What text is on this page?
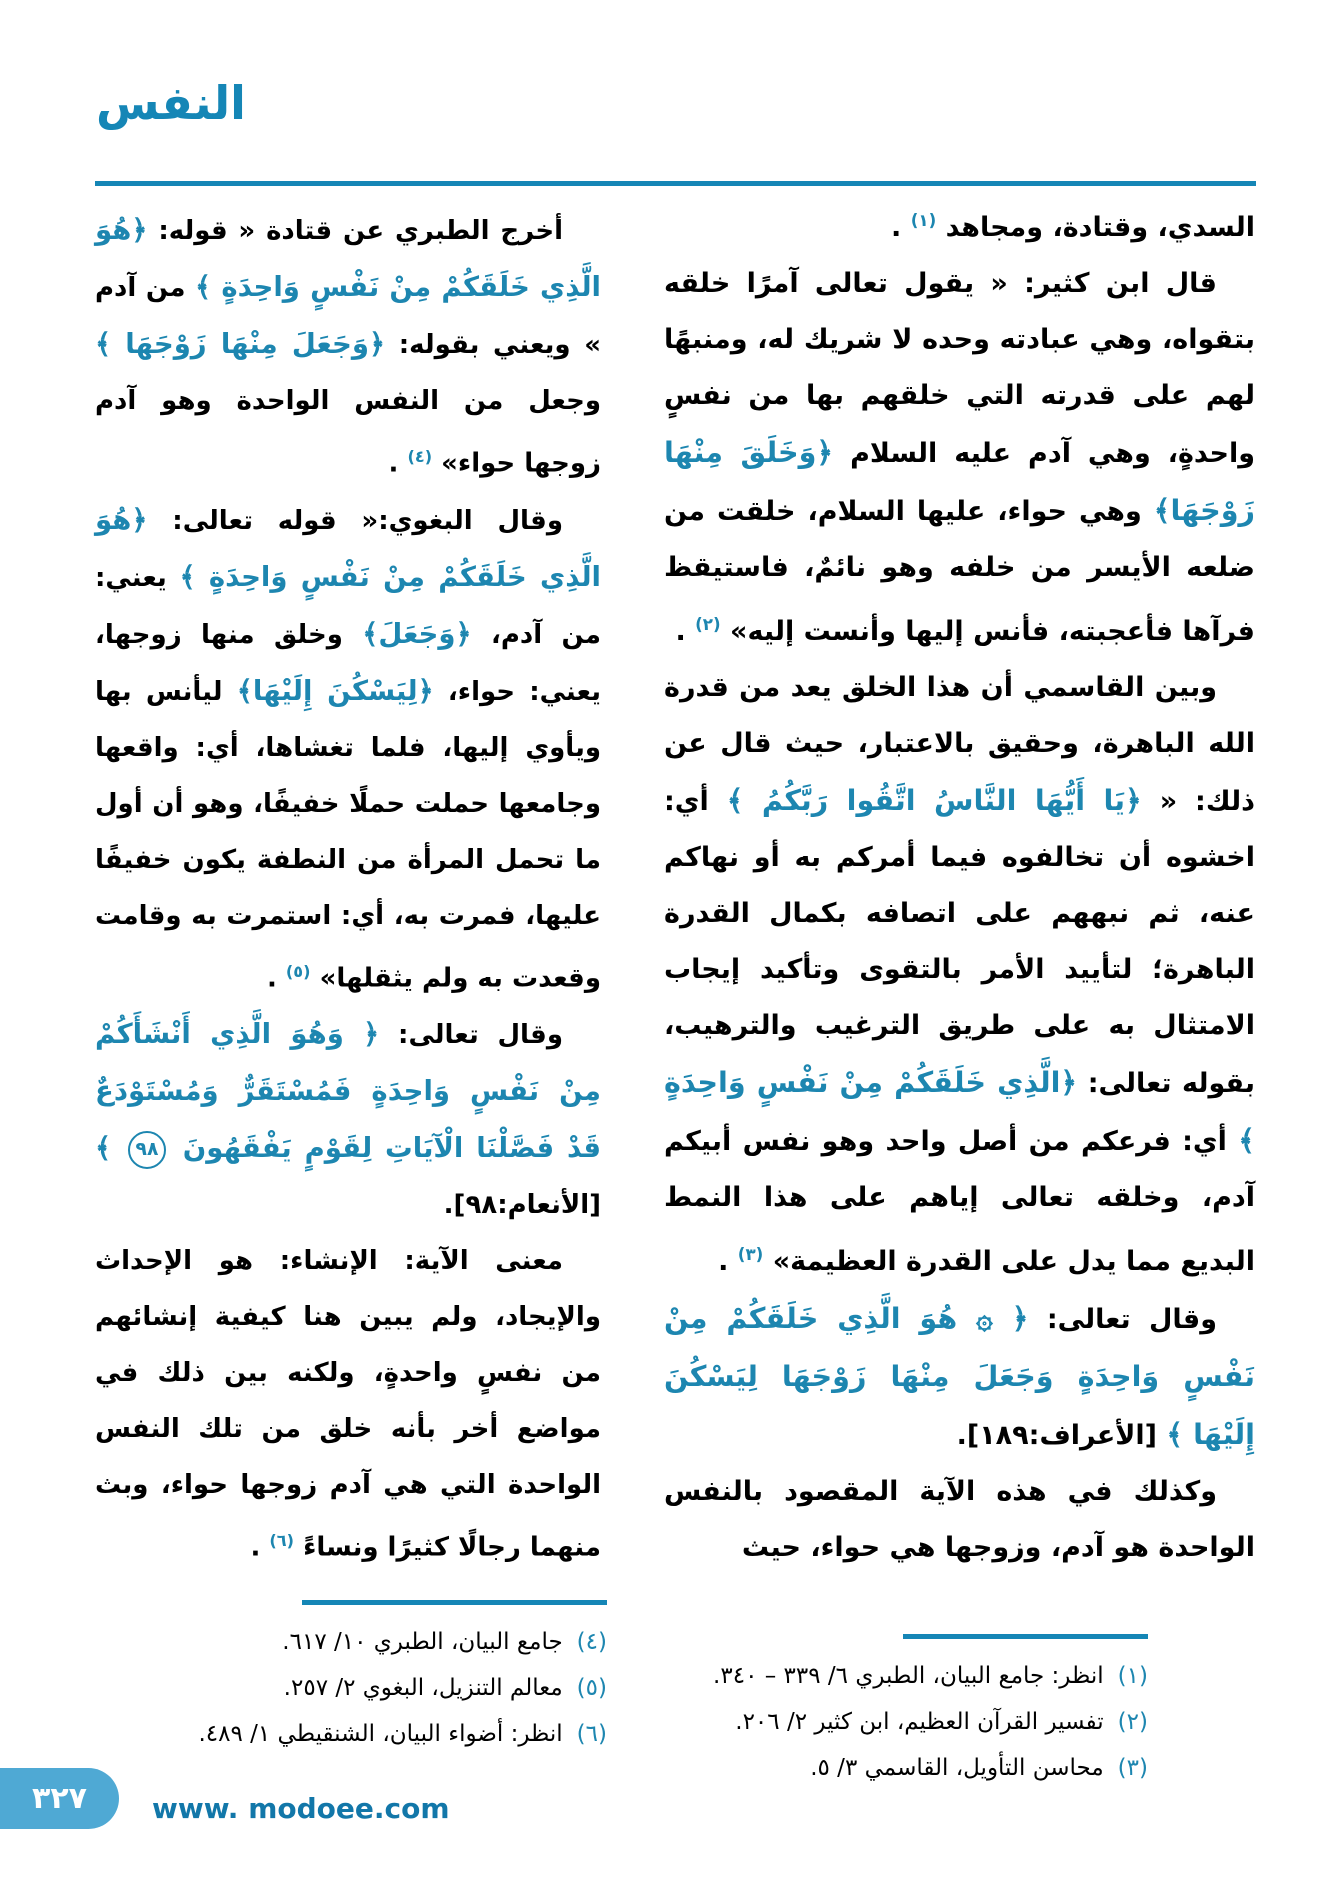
النفس

السدي، وقتادة، ومجاهد $^{(١)}$ .

قال ابن كثير: « يقول تعالى آمرًا خلقه بتقواه، وهي عبادته وحده لا شريك له، ومنبهًا لهم على قدرته التي خلقهم بها من نفسٍ واحدةٍ، وهي آدم عليه السلام ﴿وَخَلَقَ مِنْهَا زَوْجَهَا﴾ وهي حواء، عليها السلام، خلقت من ضلعه الأيسر من خلفه وهو نائمٌ، فاستيقظ فرآها فأعجبته، فأنس إليها وأنست إليه» $^{(٢)}$ .

وبين القاسمي أن هذا الخلق يعد من قدرة الله الباهرة، وحقيق بالاعتبار، حيث قال عن ذلك: « ﴿يَا أَيُّهَا النَّاسُ اتَّقُوا رَبَّكُمُ ﴾ أي: اخشوه أن تخالفوه فيما أمركم به أو نهاكم عنه، ثم نبههم على اتصافه بكمال القدرة الباهرة؛ لتأييد الأمر بالتقوى وتأكيد إيجاب الامتثال به على طريق الترغيب والترهيب، بقوله تعالى: ﴿الَّذِي خَلَقَكُمْ مِنْ نَفْسٍ وَاحِدَةٍ ﴾ أي: فرعكم من أصل واحد وهو نفس أبيكم آدم، وخلقه تعالى إياهم على هذا النمط البديع مما يدل على القدرة العظيمة» $^{(٣)}$ .

وقال تعالى: ﴿ ۞ هُوَ الَّذِي خَلَقَكُمْ مِنْ نَفْسٍ وَاحِدَةٍ وَجَعَلَ مِنْهَا زَوْجَهَا لِيَسْكُنَ إِلَيْهَا ﴾ [الأعراف:١٨٩].

وكذلك في هذه الآية المقصود بالنفس الواحدة هو آدم، وزوجها هي حواء، حيث

أخرج الطبري عن قتادة « قوله: ﴿هُوَ الَّذِي خَلَقَكُمْ مِنْ نَفْسٍ وَاحِدَةٍ ﴾ من آدم » ويعني بقوله: ﴿وَجَعَلَ مِنْهَا زَوْجَهَا ﴾ وجعل من النفس الواحدة وهو آدم زوجها حواء» $^{(٤)}$ .

وقال البغوي:« قوله تعالى: ﴿هُوَ الَّذِي خَلَقَكُمْ مِنْ نَفْسٍ وَاحِدَةٍ ﴾ يعني: من آدم، ﴿وَجَعَلَ﴾ وخلق منها زوجها، يعني: حواء، ﴿لِيَسْكُنَ إِلَيْهَا﴾ ليأنس بها ويأوي إليها، فلما تغشاها، أي: واقعها وجامعها حملت حملًا خفيفًا، وهو أن أول ما تحمل المرأة من النطفة يكون خفيفًا عليها، فمرت به، أي: استمرت به وقامت وقعدت به ولم يثقلها» $^{(٥)}$ .

وقال تعالى: ﴿ وَهُوَ الَّذِي أَنْشَأَكُمْ مِنْ نَفْسٍ وَاحِدَةٍ فَمُسْتَقَرٌّ وَمُسْتَوْدَعٌ قَدْ فَصَّلْنَا الْآيَاتِ لِقَوْمٍ يَفْقَهُونَ ٩٨ ﴾ [الأنعام:٩٨].

معنى الآية: الإنشاء: هو الإحداث والإيجاد، ولم يبين هنا كيفية إنشائهم من نفسٍ واحدةٍ، ولكنه بين ذلك في مواضع أخر بأنه خلق من تلك النفس الواحدة التي هي آدم زوجها حواء، وبث منهما رجالًا كثيرًا ونساءً $^{(٦)}$ .

(١)
انظر: جامع البيان، الطبري ٦/ ٣٣٩ – ٣٤٠.
(٢)
تفسير القرآن العظيم، ابن كثير ٢/ ٢٠٦.
(٣)
محاسن التأويل، القاسمي ٣/ ٥.
(٤)
جامع البيان، الطبري ١٠/ ٦١٧.
(٥)
معالم التنزيل، البغوي ٢/ ٢٥٧.
(٦)
انظر: أضواء البيان، الشنقيطي ١/ ٤٨٩.
٣٢٧ www. modoee.com
